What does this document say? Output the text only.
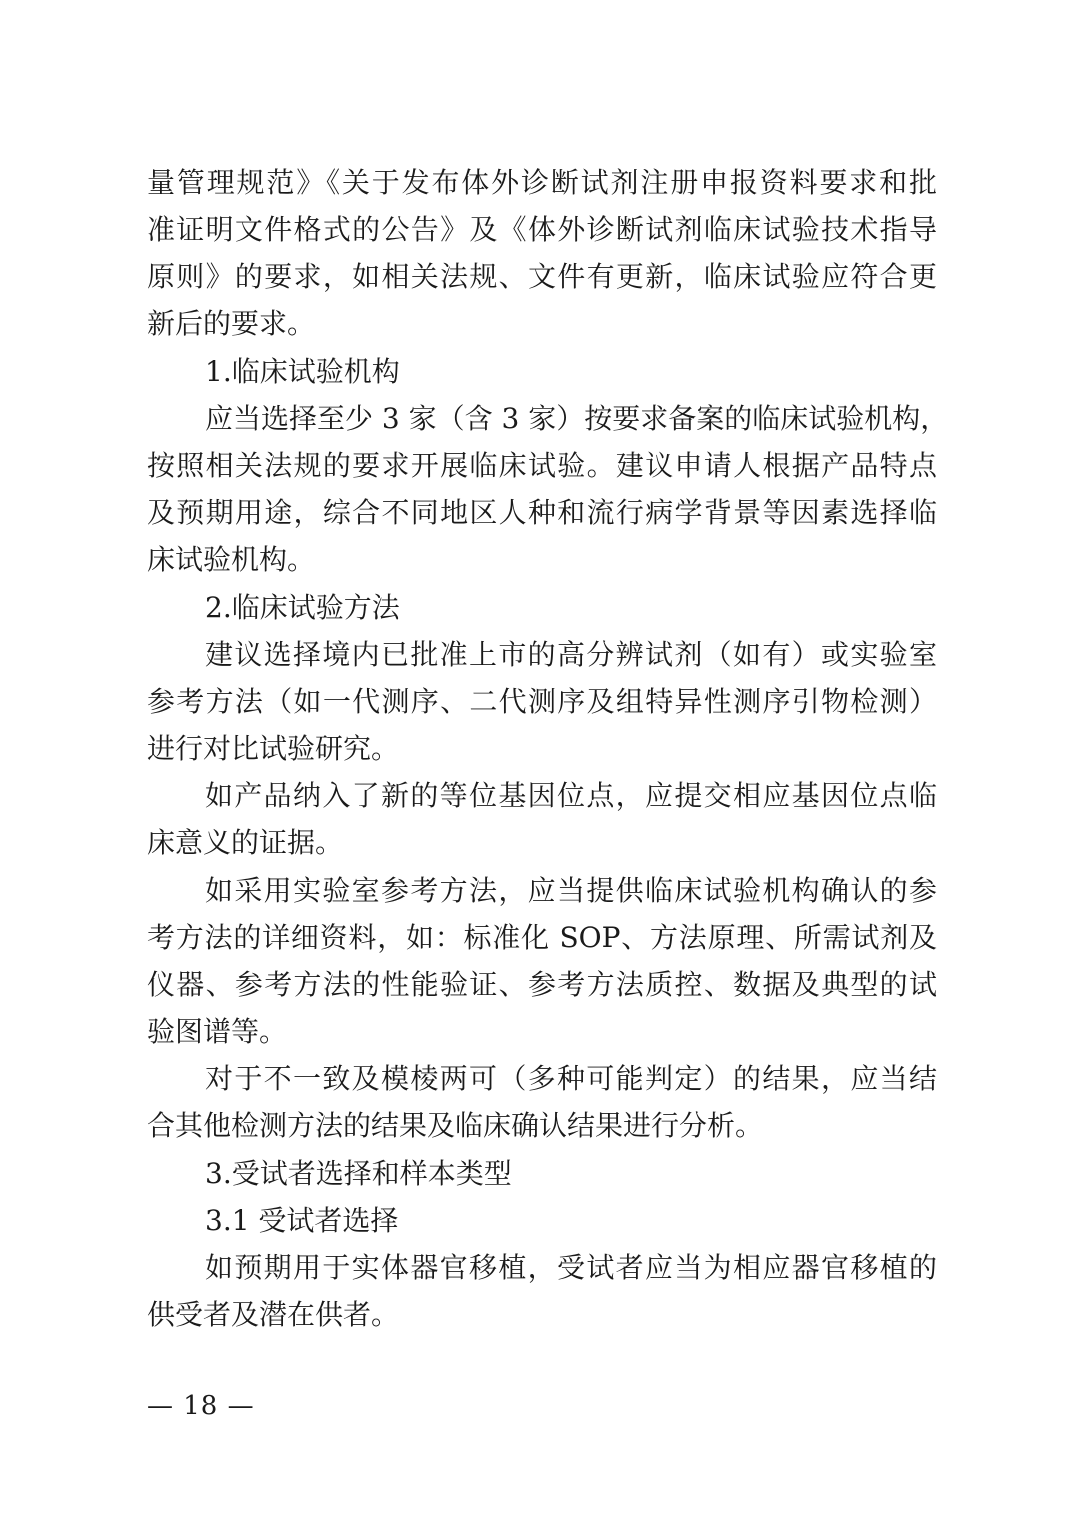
量管理规范》《关于发布体外诊断试剂注册申报资料要求和批
准证明文件格式的公告》及《体外诊断试剂临床试验技术指导
原则》的要求，如相关法规、文件有更新，临床试验应符合更
新后的要求。
1.临床试验机构
应当选择至少 3 家（含 3 家）按要求备案的临床试验机构，
按照相关法规的要求开展临床试验。建议申请人根据产品特点
及预期用途，综合不同地区人种和流行病学背景等因素选择临
床试验机构。
2.临床试验方法
建议选择境内已批准上市的高分辨试剂（如有）或实验室
参考方法（如一代测序、二代测序及组特异性测序引物检测）
进行对比试验研究。
如产品纳入了新的等位基因位点，应提交相应基因位点临
床意义的证据。
如采用实验室参考方法，应当提供临床试验机构确认的参
考方法的详细资料，如：标准化 SOP、方法原理、所需试剂及
仪器、参考方法的性能验证、参考方法质控、数据及典型的试
验图谱等。
对于不一致及模棱两可（多种可能判定）的结果，应当结
合其他检测方法的结果及临床确认结果进行分析。
3.受试者选择和样本类型
3.1 受试者选择
如预期用于实体器官移植，受试者应当为相应器官移植的
供受者及潜在供者。
— 18 —
